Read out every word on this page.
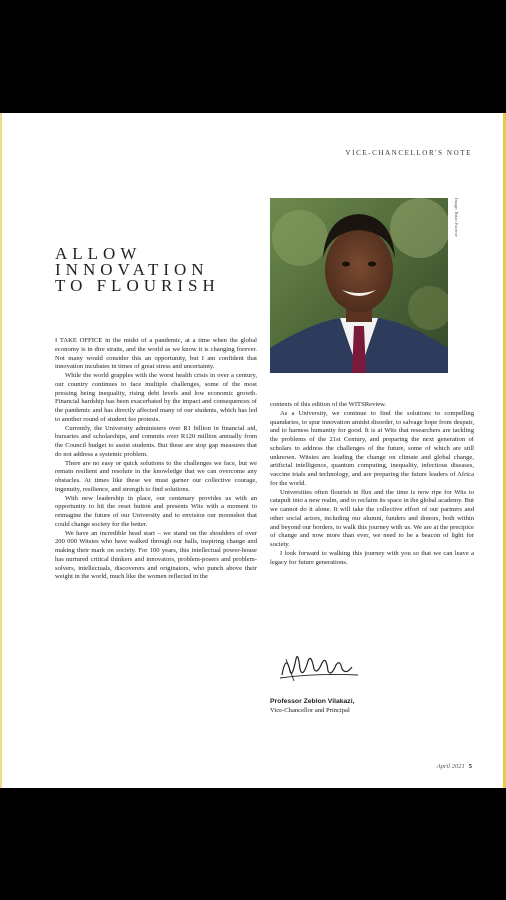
VICE-CHANCELLOR'S NOTE
ALLOW
INNOVATION
TO FLOURISH
Image: Brian Pacente

I TAKE OFFICE in the midst of a pandemic, at a time when the global economy is in dire straits, and the world as we know it is changing forever. Not many would consider this an opportunity, but I am confident that innovation incubates in times of great stress and uncertainty.

While the world grapples with the worst health crisis in over a century, our country continues to face multiple challenges, some of the most pressing being inequality, rising debt levels and low economic growth. Financial hardship has been exacerbated by the impact and consequences of the pandemic and has directly affected many of our students, which has led to another round of student fee protests.

Currently, the University administers over R1 billion in financial aid, bursaries and scholarships, and commits over R120 million annually from the Council budget to assist students. But these are stop gap measures that do not address a systemic problem.

There are no easy or quick solutions to the challenges we face, but we remain resilient and resolute in the knowledge that we can overcome any obstacles. At times like these we must garner our collective courage, ingenuity, resilience, and strength to find solutions.

With new leadership in place, our centenary provides us with an opportunity to hit the reset button and presents Wits with a moment to reimagine the future of our University and to envision our moonshot that could change society for the better.

We have an incredible head start – we stand on the shoulders of over 200 000 Witsies who have walked through our halls, inspiring change and making their mark on society. For 100 years, this intellectual power-house has nurtured critical thinkers and innovators, problem-posers and problem-solvers, intellectuals, discoverers and originators, who punch above their weight in the world, much like the women reflected in the

contents of this edition of the WITSReview.

As a University, we continue to find the solutions to compelling quandaries, to spur innovation amidst disorder, to salvage hope from despair, and to harness humanity for good. It is at Wits that researchers are tackling the problems of the 21st Century, and preparing the next generation of scholars to address the challenges of the future, some of which are still unknown. Witsies are leading the change on climate and global change, artificial intelligence, quantum computing, inequality, infectious diseases, vaccine trials and technology, and are preparing the future leaders of Africa for the world.

Universities often flourish in flux and the time is now ripe for Wits to catapult into a new realm, and to reclaim its space in the global academy. But we cannot do it alone. It will take the collective effort of our partners and other social actors, including our alumni, funders and donors, both within and beyond our borders, to walk this journey with us. We are at the precipice of change and now more than ever, we need to be a beacon of light for society.

I look forward to walking this journey with you so that we can leave a legacy for future generations.

Professor Zeblon Vilakazi,
Vice-Chancellor and Principal
April 2021 5
